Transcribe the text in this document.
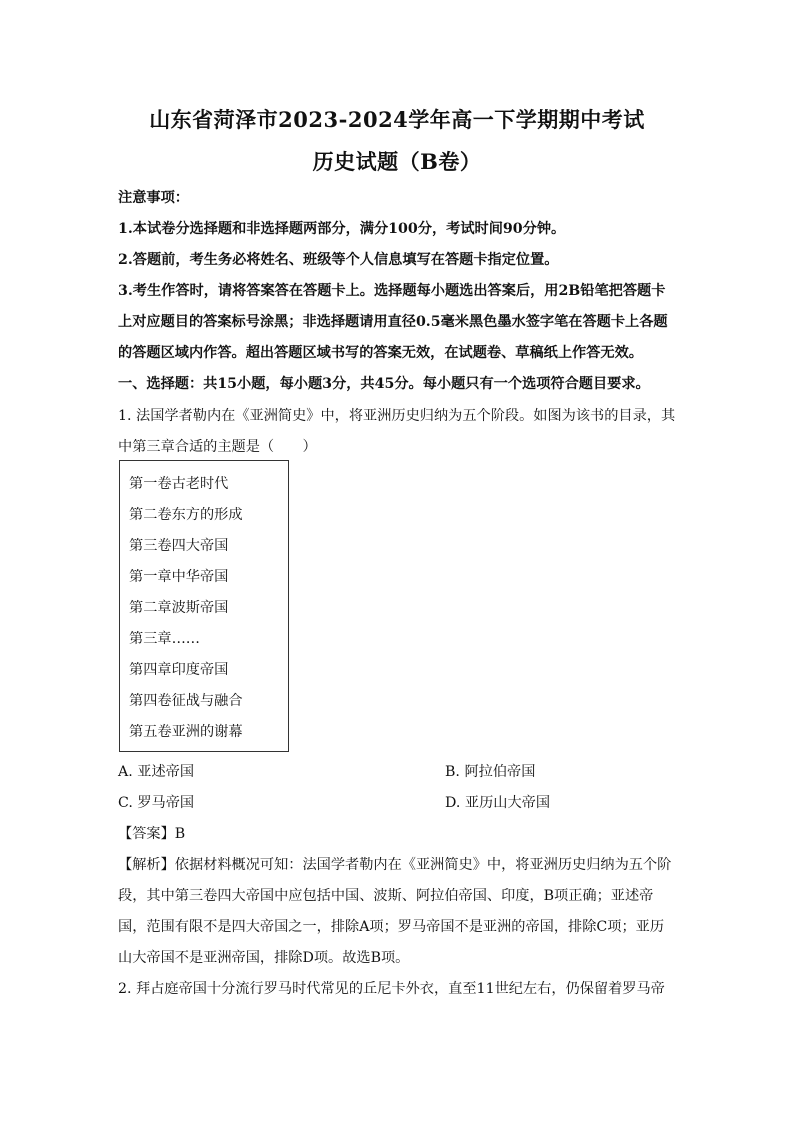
山东省菏泽市2023-2024学年高一下学期期中考试
历史试题（B卷）
注意事项：
1.本试卷分选择题和非选择题两部分，满分100分，考试时间90分钟。
2.答题前，考生务必将姓名、班级等个人信息填写在答题卡指定位置。
3.考生作答时，请将答案答在答题卡上。选择题每小题选出答案后，用2B铅笔把答题卡
上对应题目的答案标号涂黑；非选择题请用直径0.5毫米黑色墨水签字笔在答题卡上各题
的答题区域内作答。超出答题区域书写的答案无效，在试题卷、草稿纸上作答无效。
一、选择题：共15小题，每小题3分，共45分。每小题只有一个选项符合题目要求。
1. 法国学者勒内在《亚洲简史》中，将亚洲历史归纳为五个阶段。如图为该书的目录，其
中第三章合适的主题是（　　）
第一卷古老时代
第二卷东方的形成
第三卷四大帝国
第一章中华帝国
第二章波斯帝国
第三章……
第四章印度帝国
第四卷征战与融合
第五卷亚洲的谢幕
A. 亚述帝国	B. 阿拉伯帝国
C. 罗马帝国	D. 亚历山大帝国
【答案】B
【解析】依据材料概况可知：法国学者勒内在《亚洲简史》中，将亚洲历史归纳为五个阶
段，其中第三卷四大帝国中应包括中国、波斯、阿拉伯帝国、印度，B项正确；亚述帝
国，范围有限不是四大帝国之一，排除A项；罗马帝国不是亚洲的帝国，排除C项；亚历
山大帝国不是亚洲帝国，排除D项。故选B项。
2. 拜占庭帝国十分流行罗马时代常见的丘尼卡外衣，直至11世纪左右，仍保留着罗马帝
